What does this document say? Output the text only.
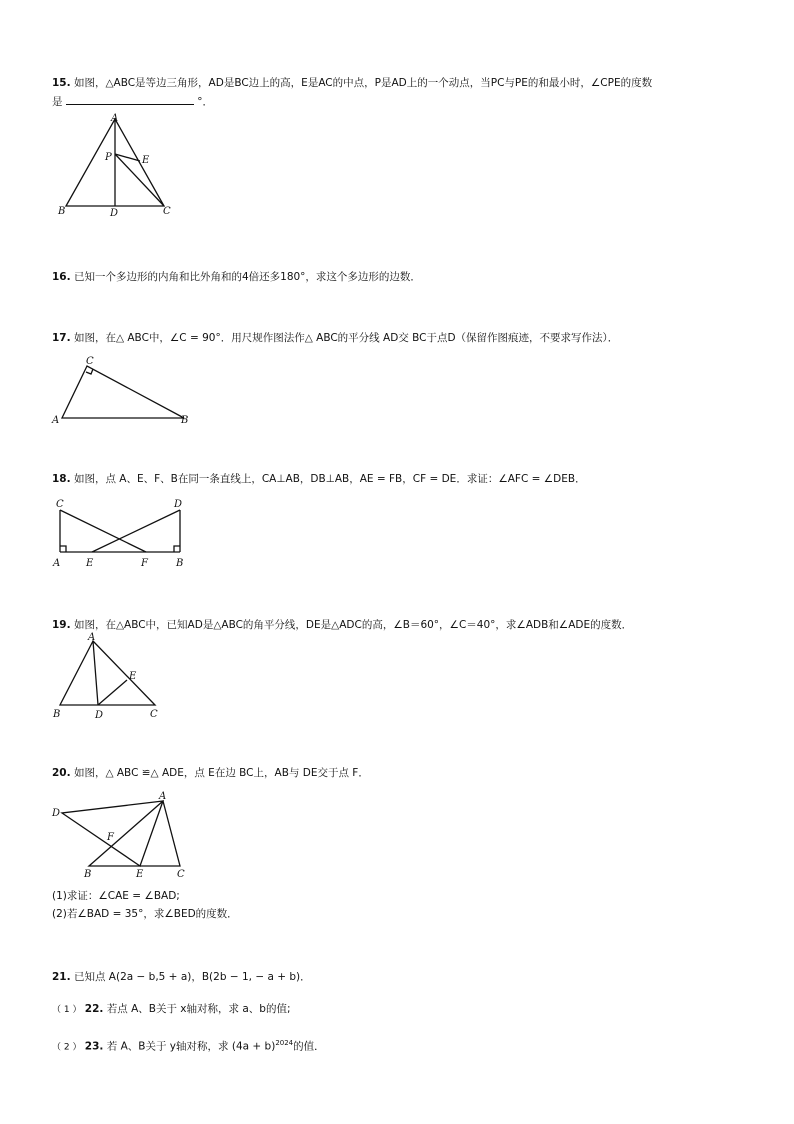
15. 如图，△ABC是等边三角形，AD是BC边上的高，E是AC的中点，P是AD上的一个动点，当PC与PE的和最小时，∠CPE的度数
是	°．
A
P	E
B	D	C
C
A	B
C	D
A	E	F	B
A
E
B	D	C
A
D
F
B	E	C
16. 已知一个多边形的内角和比外角和的4倍还多180°，求这个多边形的边数．
17. 如图，在△ ABC中，∠C = 90°．用尺规作图法作△ ABC的平分线 AD交 BC于点D（保留作图痕迹，不要求写作法）．
18. 如图，点 A、E、F、B在同一条直线上，CA⊥AB，DB⊥AB，AE = FB，CF = DE．求证：∠AFC = ∠DEB．
19. 如图，在△ABC中，已知AD是△ABC的角平分线，DE是△ADC的高，∠B＝60°，∠C＝40°，求∠ADB和∠ADE的度数．
20. 如图，△ ABC ≌△ ADE，点 E在边 BC上，AB与 DE交于点 F．
(1)求证：∠CAE = ∠BAD;
(2)若∠BAD = 35°，求∠BED的度数．
21. 已知点 A(2a − b,5 + a)，B(2b − 1, − a + b)．
（ 1 ） 22. 若点 A、B关于 x轴对称，求 a、b的值;
（ 2 ） 23. 若 A、B关于 y轴对称，求 $(4a + b)^{2024}$的值．
